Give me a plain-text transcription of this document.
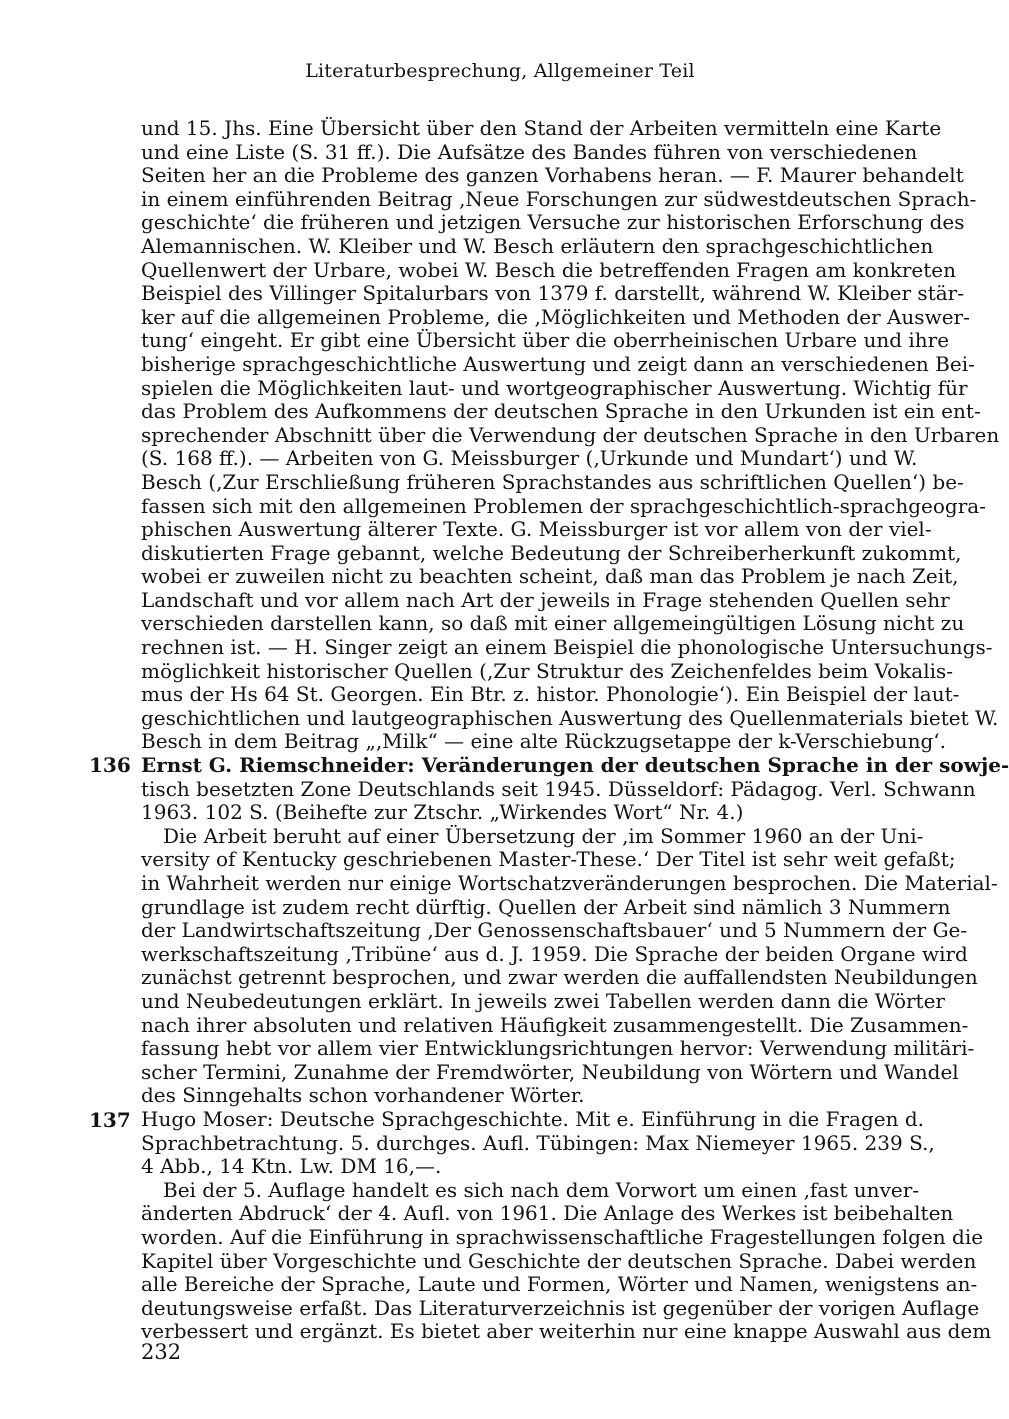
Literaturbesprechung, Allgemeiner Teil
136
137
und 15. Jhs. Eine Übersicht über den Stand der Arbeiten vermitteln eine Karte
und eine Liste (S. 31 ff.). Die Aufsätze des Bandes führen von verschiedenen
Seiten her an die Probleme des ganzen Vorhabens heran. — F. Maurer behandelt
in einem einführenden Beitrag ‚Neue Forschungen zur südwestdeutschen Sprach-
geschichte‘ die früheren und jetzigen Versuche zur historischen Erforschung des
Alemannischen. W. Kleiber und W. Besch erläutern den sprachgeschichtlichen
Quellenwert der Urbare, wobei W. Besch die betreffenden Fragen am konkreten
Beispiel des Villinger Spitalurbars von 1379 f. darstellt, während W. Kleiber stär-
ker auf die allgemeinen Probleme, die ‚Möglichkeiten und Methoden der Auswer-
tung‘ eingeht. Er gibt eine Übersicht über die oberrheinischen Urbare und ihre
bisherige sprachgeschichtliche Auswertung und zeigt dann an verschiedenen Bei-
spielen die Möglichkeiten laut- und wortgeographischer Auswertung. Wichtig für
das Problem des Aufkommens der deutschen Sprache in den Urkunden ist ein ent-
sprechender Abschnitt über die Verwendung der deutschen Sprache in den Urbaren
(S. 168 ff.). — Arbeiten von G. Meissburger (‚Urkunde und Mundart‘) und W.
Besch (‚Zur Erschließung früheren Sprachstandes aus schriftlichen Quellen‘) be-
fassen sich mit den allgemeinen Problemen der sprachgeschichtlich-sprachgeogra-
phischen Auswertung älterer Texte. G. Meissburger ist vor allem von der viel-
diskutierten Frage gebannt, welche Bedeutung der Schreiberherkunft zukommt,
wobei er zuweilen nicht zu beachten scheint, daß man das Problem je nach Zeit,
Landschaft und vor allem nach Art der jeweils in Frage stehenden Quellen sehr
verschieden darstellen kann, so daß mit einer allgemeingültigen Lösung nicht zu
rechnen ist. — H. Singer zeigt an einem Beispiel die phonologische Untersuchungs-
möglichkeit historischer Quellen (‚Zur Struktur des Zeichenfeldes beim Vokalis-
mus der Hs 64 St. Georgen. Ein Btr. z. histor. Phonologie‘). Ein Beispiel der laut-
geschichtlichen und lautgeographischen Auswertung des Quellenmaterials bietet W.
Besch in dem Beitrag „‚Milk“ — eine alte Rückzugsetappe der k-Verschiebung‘.
Ernst G. Riemschneider: Veränderungen der deutschen Sprache in der sowje-
tisch besetzten Zone Deutschlands seit 1945. Düsseldorf: Pädagog. Verl. Schwann
1963. 102 S. (Beihefte zur Ztschr. „Wirkendes Wort“ Nr. 4.)
Die Arbeit beruht auf einer Übersetzung der ‚im Sommer 1960 an der Uni-
versity of Kentucky geschriebenen Master-These.‘ Der Titel ist sehr weit gefaßt;
in Wahrheit werden nur einige Wortschatzveränderungen besprochen. Die Material-
grundlage ist zudem recht dürftig. Quellen der Arbeit sind nämlich 3 Nummern
der Landwirtschaftszeitung ‚Der Genossenschaftsbauer‘ und 5 Nummern der Ge-
werkschaftszeitung ‚Tribüne‘ aus d. J. 1959. Die Sprache der beiden Organe wird
zunächst getrennt besprochen, und zwar werden die auffallendsten Neubildungen
und Neubedeutungen erklärt. In jeweils zwei Tabellen werden dann die Wörter
nach ihrer absoluten und relativen Häufigkeit zusammengestellt. Die Zusammen-
fassung hebt vor allem vier Entwicklungsrichtungen hervor: Verwendung militäri-
scher Termini, Zunahme der Fremdwörter, Neubildung von Wörtern und Wandel
des Sinngehalts schon vorhandener Wörter.
Hugo Moser: Deutsche Sprachgeschichte. Mit e. Einführung in die Fragen d.
Sprachbetrachtung. 5. durchges. Aufl. Tübingen: Max Niemeyer 1965. 239 S.,
4 Abb., 14 Ktn. Lw. DM 16,—.
Bei der 5. Auflage handelt es sich nach dem Vorwort um einen ‚fast unver-
änderten Abdruck‘ der 4. Aufl. von 1961. Die Anlage des Werkes ist beibehalten
worden. Auf die Einführung in sprachwissenschaftliche Fragestellungen folgen die
Kapitel über Vorgeschichte und Geschichte der deutschen Sprache. Dabei werden
alle Bereiche der Sprache, Laute und Formen, Wörter und Namen, wenigstens an-
deutungsweise erfaßt. Das Literaturverzeichnis ist gegenüber der vorigen Auflage
verbessert und ergänzt. Es bietet aber weiterhin nur eine knappe Auswahl aus dem
232
